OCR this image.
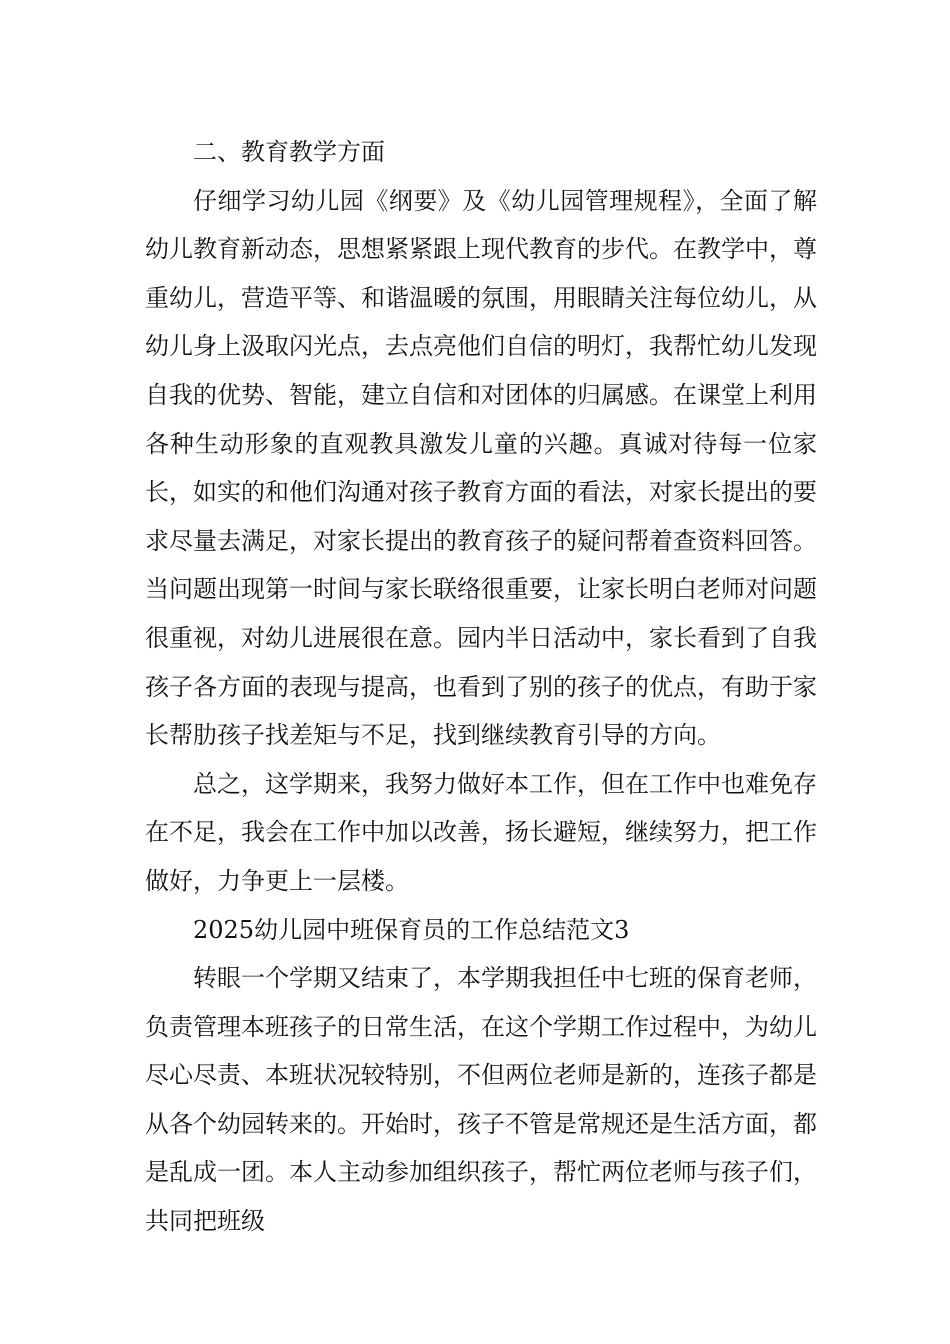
二、教育教学方面

仔细学习幼儿园《纲要》及《幼儿园管理规程》，全面了解幼儿教育新动态，思想紧紧跟上现代教育的步代。在教学中，尊重幼儿，营造平等、和谐温暖的氛围，用眼睛关注每位幼儿，从幼儿身上汲取闪光点，去点亮他们自信的明灯，我帮忙幼儿发现自我的优势、智能，建立自信和对团体的归属感。在课堂上利用各种生动形象的直观教具激发儿童的兴趣。真诚对待每一位家长，如实的和他们沟通对孩子教育方面的看法，对家长提出的要求尽量去满足，对家长提出的教育孩子的疑问帮着查资料回答。当问题出现第一时间与家长联络很重要，让家长明白老师对问题很重视，对幼儿进展很在意。园内半日活动中，家长看到了自我孩子各方面的表现与提高，也看到了别的孩子的优点，有助于家长帮肋孩子找差矩与不足，找到继续教育引导的方向。

总之，这学期来，我努力做好本工作，但在工作中也难免存在不足，我会在工作中加以改善，扬长避短，继续努力，把工作做好，力争更上一层楼。

2025幼儿园中班保育员的工作总结范文3

转眼一个学期又结束了，本学期我担任中七班的保育老师，负责管理本班孩子的日常生活，在这个学期工作过程中，为幼儿尽心尽责、本班状况较特别，不但两位老师是新的，连孩子都是从各个幼园转来的。开始时，孩子不管是常规还是生活方面，都是乱成一团。本人主动参加组织孩子，帮忙两位老师与孩子们，共同把班级
